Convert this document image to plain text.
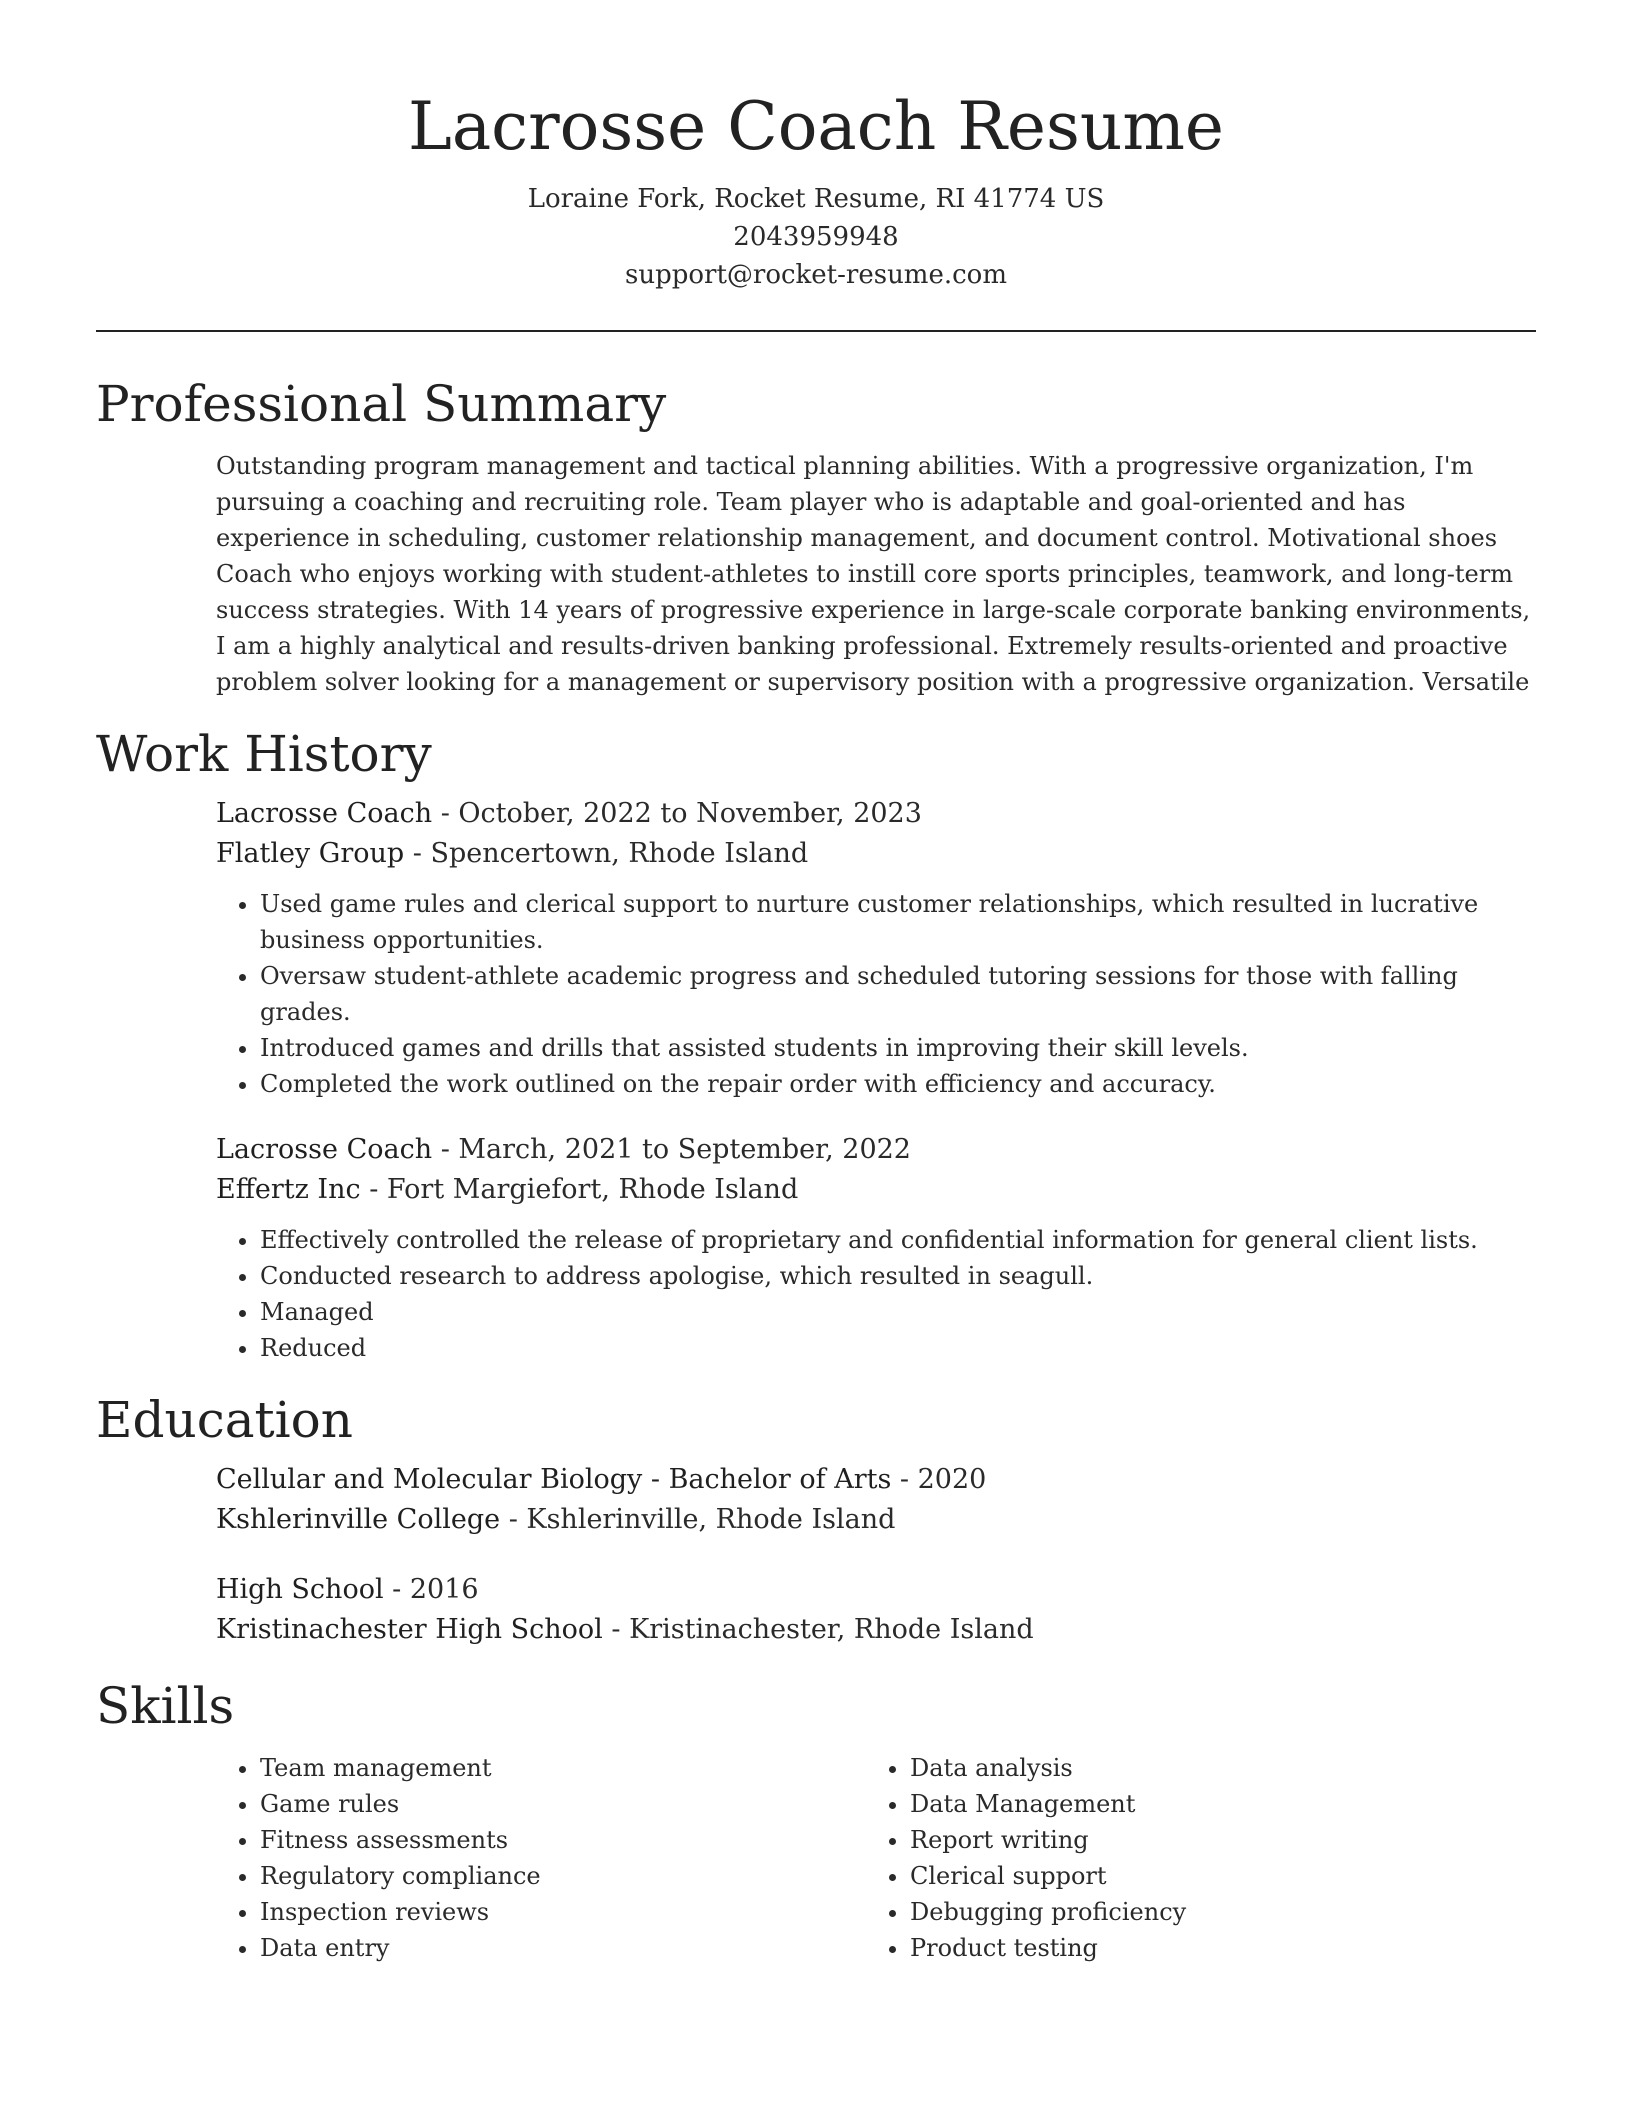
Lacrosse Coach Resume

Loraine Fork, Rocket Resume, RI 41774 US

2043959948

support@rocket-resume.com

Professional Summary

Outstanding program management and tactical planning abilities. With a progressive organization, I'm pursuing a coaching and recruiting role. Team player who is adaptable and goal-oriented and has experience in scheduling, customer relationship management, and document control. Motivational shoes Coach who enjoys working with student-athletes to instill core sports principles, teamwork, and long-term success strategies. With 14 years of progressive experience in large-scale corporate banking environments, I am a highly analytical and results-driven banking professional. Extremely results-oriented and proactive problem solver looking for a management or supervisory position with a progressive organization. Versatile

Work History

Lacrosse Coach - October, 2022 to November, 2023

Flatley Group - Spencertown, Rhode Island

• Used game rules and clerical support to nurture customer relationships, which resulted in lucrative business opportunities.
• Oversaw student-athlete academic progress and scheduled tutoring sessions for those with falling grades.
• Introduced games and drills that assisted students in improving their skill levels.
• Completed the work outlined on the repair order with efficiency and accuracy.

Lacrosse Coach - March, 2021 to September, 2022

Effertz Inc - Fort Margiefort, Rhode Island

• Effectively controlled the release of proprietary and confidential information for general client lists.
• Conducted research to address apologise, which resulted in seagull.
• Managed
• Reduced
Education

Cellular and Molecular Biology - Bachelor of Arts - 2020

Kshlerinville College - Kshlerinville, Rhode Island

High School - 2016

Kristinachester High School - Kristinachester, Rhode Island

Skills
• Team management
• Game rules
• Fitness assessments
• Regulatory compliance
• Inspection reviews
• Data entry
• Data analysis
• Data Management
• Report writing
• Clerical support
• Debugging proficiency
• Product testing
